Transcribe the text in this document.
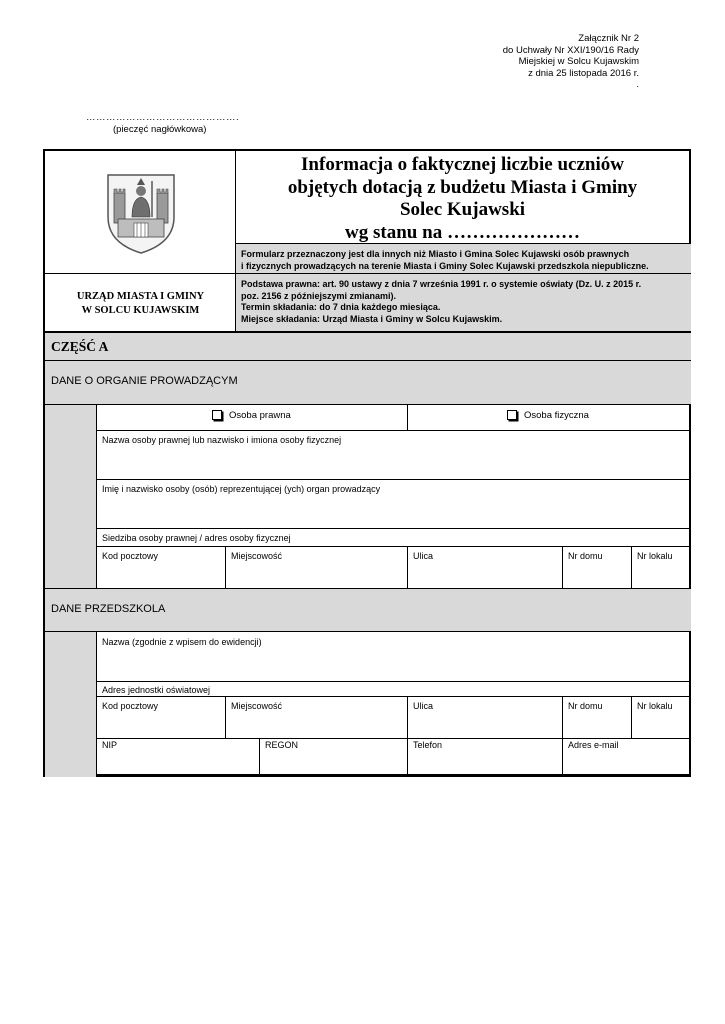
Załącznik Nr 2
do Uchwały Nr XXI/190/16 Rady
Miejskiej w Solcu Kujawskim
z dnia 25 listopada 2016 r.
.
……………………………………….
(pieczęć nagłówkowa)
Informacja o faktycznej liczbie uczniów
objętych dotacją z budżetu Miasta i Gminy
Solec Kujawski
wg stanu na …………………
Formularz przeznaczony jest dla innych niż Miasto i Gmina Solec Kujawski osób prawnych
i fizycznych prowadzących na terenie Miasta i Gminy Solec Kujawski przedszkola niepubliczne.
Podstawa prawna: art. 90 ustawy z dnia 7 września 1991 r. o systemie oświaty (Dz. U. z 2015 r.
poz. 2156 z późniejszymi zmianami).
Termin składania: do 7 dnia każdego miesiąca.
Miejsce składania: Urząd Miasta i Gminy w Solcu Kujawskim.
URZĄD MIASTA I GMINY
W SOLCU KUJAWSKIM
CZĘŚĆ A
DANE O ORGANIE PROWADZĄCYM
Osoba prawna	Osoba fizyczna
Nazwa osoby prawnej lub nazwisko i imiona osoby fizycznej
Imię i nazwisko osoby (osób) reprezentującej (ych) organ prowadzący
Siedziba osoby prawnej / adres osoby fizycznej
Kod pocztowy	Miejscowość	Ulica	Nr domu	Nr lokalu
DANE PRZEDSZKOLA
Nazwa (zgodnie z wpisem do ewidencji)
Adres jednostki oświatowej
Kod pocztowy	Miejscowość	Ulica	Nr domu	Nr lokalu
NIP	REGON	Telefon	Adres e-mail
